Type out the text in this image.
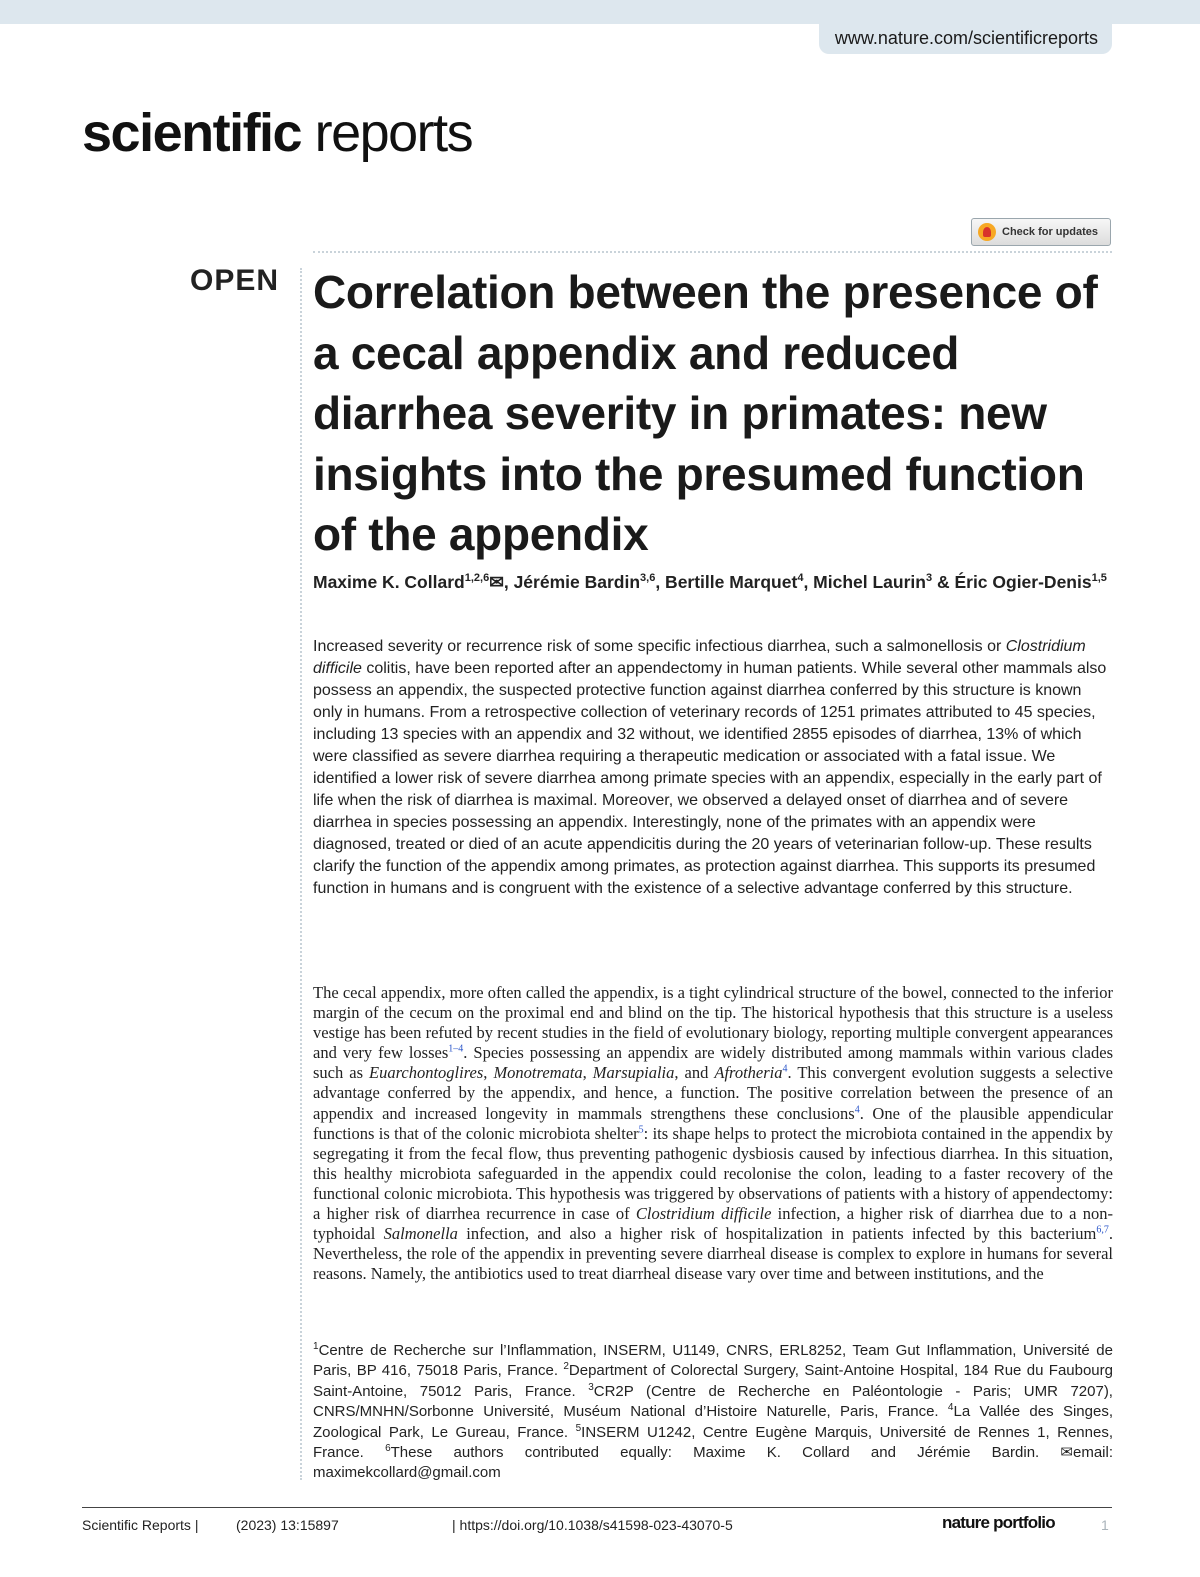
www.nature.com/scientificreports
scientific reports
Check for updates
OPEN Correlation between the presence of a cecal appendix and reduced diarrhea severity in primates: new insights into the presumed function of the appendix
Maxime K. Collard$^{1,2,6}$✉, Jérémie Bardin$^{3,6}$, Bertille Marquet$^4$, Michel Laurin$^3$ & Éric Ogier-Denis$^{1,5}$

Increased severity or recurrence risk of some specific infectious diarrhea, such a salmonellosis or Clostridium difficile colitis, have been reported after an appendectomy in human patients. While several other mammals also possess an appendix, the suspected protective function against diarrhea conferred by this structure is known only in humans. From a retrospective collection of veterinary records of 1251 primates attributed to 45 species, including 13 species with an appendix and 32 without, we identified 2855 episodes of diarrhea, 13% of which were classified as severe diarrhea requiring a therapeutic medication or associated with a fatal issue. We identified a lower risk of severe diarrhea among primate species with an appendix, especially in the early part of life when the risk of diarrhea is maximal. Moreover, we observed a delayed onset of diarrhea and of severe diarrhea in species possessing an appendix. Interestingly, none of the primates with an appendix were diagnosed, treated or died of an acute appendicitis during the 20 years of veterinarian follow-up. These results clarify the function of the appendix among primates, as protection against diarrhea. This supports its presumed function in humans and is congruent with the existence of a selective advantage conferred by this structure.

The cecal appendix, more often called the appendix, is a tight cylindrical structure of the bowel, connected to the inferior margin of the cecum on the proximal end and blind on the tip. The historical hypothesis that this structure is a useless vestige has been refuted by recent studies in the field of evolutionary biology, reporting multiple convergent appearances and very few losses$^{1-4}$. Species possessing an appendix are widely distributed among mammals within various clades such as Euarchontoglires, Monotremata, Marsupialia, and Afrotheria$^4$. This convergent evolution suggests a selective advantage conferred by the appendix, and hence, a function. The positive correlation between the presence of an appendix and increased longevity in mammals strengthens these conclusions$^4$. One of the plausible appendicular functions is that of the colonic microbiota shelter$^5$: its shape helps to protect the microbiota contained in the appendix by segregating it from the fecal flow, thus preventing pathogenic dysbiosis caused by infectious diarrhea. In this situation, this healthy microbiota safeguarded in the appendix could recolonise the colon, leading to a faster recovery of the functional colonic microbiota. This hypothesis was triggered by observations of patients with a history of appendectomy: a higher risk of diarrhea recurrence in case of Clostridium difficile infection, a higher risk of diarrhea due to a non-typhoidal Salmonella infection, and also a higher risk of hospitalization in patients infected by this bacterium$^{6,7}$. Nevertheless, the role of the appendix in preventing severe diarrheal disease is complex to explore in humans for several reasons. Namely, the antibiotics used to treat diarrheal disease vary over time and between institutions, and the

$^1$Centre de Recherche sur l’Inflammation, INSERM, U1149, CNRS, ERL8252, Team Gut Inflammation, Université de Paris, BP 416, 75018 Paris, France. $^2$Department of Colorectal Surgery, Saint-Antoine Hospital, 184 Rue du Faubourg Saint-Antoine, 75012 Paris, France. $^3$CR2P (Centre de Recherche en Paléontologie - Paris; UMR 7207), CNRS/MNHN/Sorbonne Université, Muséum National d’Histoire Naturelle, Paris, France. $^4$La Vallée des Singes, Zoological Park, Le Gureau, France. $^5$INSERM U1242, Centre Eugène Marquis, Université de Rennes 1, Rennes, France. $^6$These authors contributed equally: Maxime K. Collard and Jérémie Bardin. ✉email: maximekcollard@gmail.com

Scientific Reports |	(2023) 13:15897	| https://doi.org/10.1038/s41598-023-43070-5	nature portfolio	1
